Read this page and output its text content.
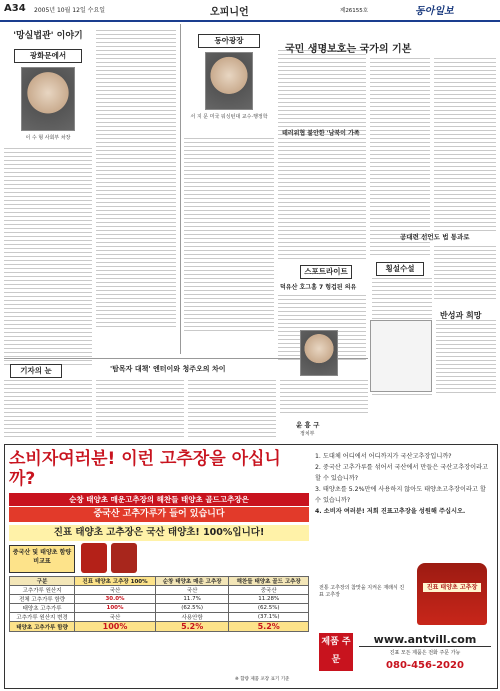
A34 2005년 10월 12일 수요일	오피니언	제26155호	동아일보
'망실법관' 이야기
광화문에서
이 수 형 사회부 차장
동아광장
서 지 문 미국 워싱턴대 교수·행정학
국민 생명보호는 국가의 기본
공대련 선언도 법 통과로
반성과 희망
테러위협 불안한 '남북이 가족
스포트라이트
덕유산 호그홈 7 헝겁된 의유
횡설수설
기자의 눈	'탐목자 대책' 엔터이와 청주오의 차이
윤 흥 구
정치부
소비자여러분! 이런 고추장을 아십니까?
순창 태양초 매운고추장의 해찬들 태양초 골드고추장은
중국산 고추가루가 들어 있습니다
진표 태양초 고추장은 국산 태양초! 100%입니다!
중국산 및 태양초 함량 비교표
구분	진표 태양초 고추장 100%	순창 태양초 매운 고추장	해찬들 태양초 골드 고추장
고추가루 원산지	국산	국산	중국산
전체 고추가루 함량	30.0%	11.7%	11.28%
태양초 고추가루	100%	(62.5%)	(62.5%)
고추가루 원산지 변경	국산	사용안함	(37.1%)
태양초 고추가루 함량	100%	5.2%	5.2%
※ 함량 제품 포장 표기 기준
1. 도대체 어디에서 어디까지가 국산고추장입니까?
2. 중국산 고추가루를 섞어서 국산에서 만들은 국산고추장이라고 할 수 있습니까?
3. 태양초를 5.2%만에 사용하지 않아도 태양초고추장이라고 할 수 있습니까?
4. 소비자 여러분! 저희 진표고추장을 성원해 주십시오.
전통 고추장의 참맛을 지켜온 재래식 진표 고추장
진표 태양초 고추장
제품 주문
www.antvill.com
진표 모든 제품은 전화 주문 가능
080-456-2020
